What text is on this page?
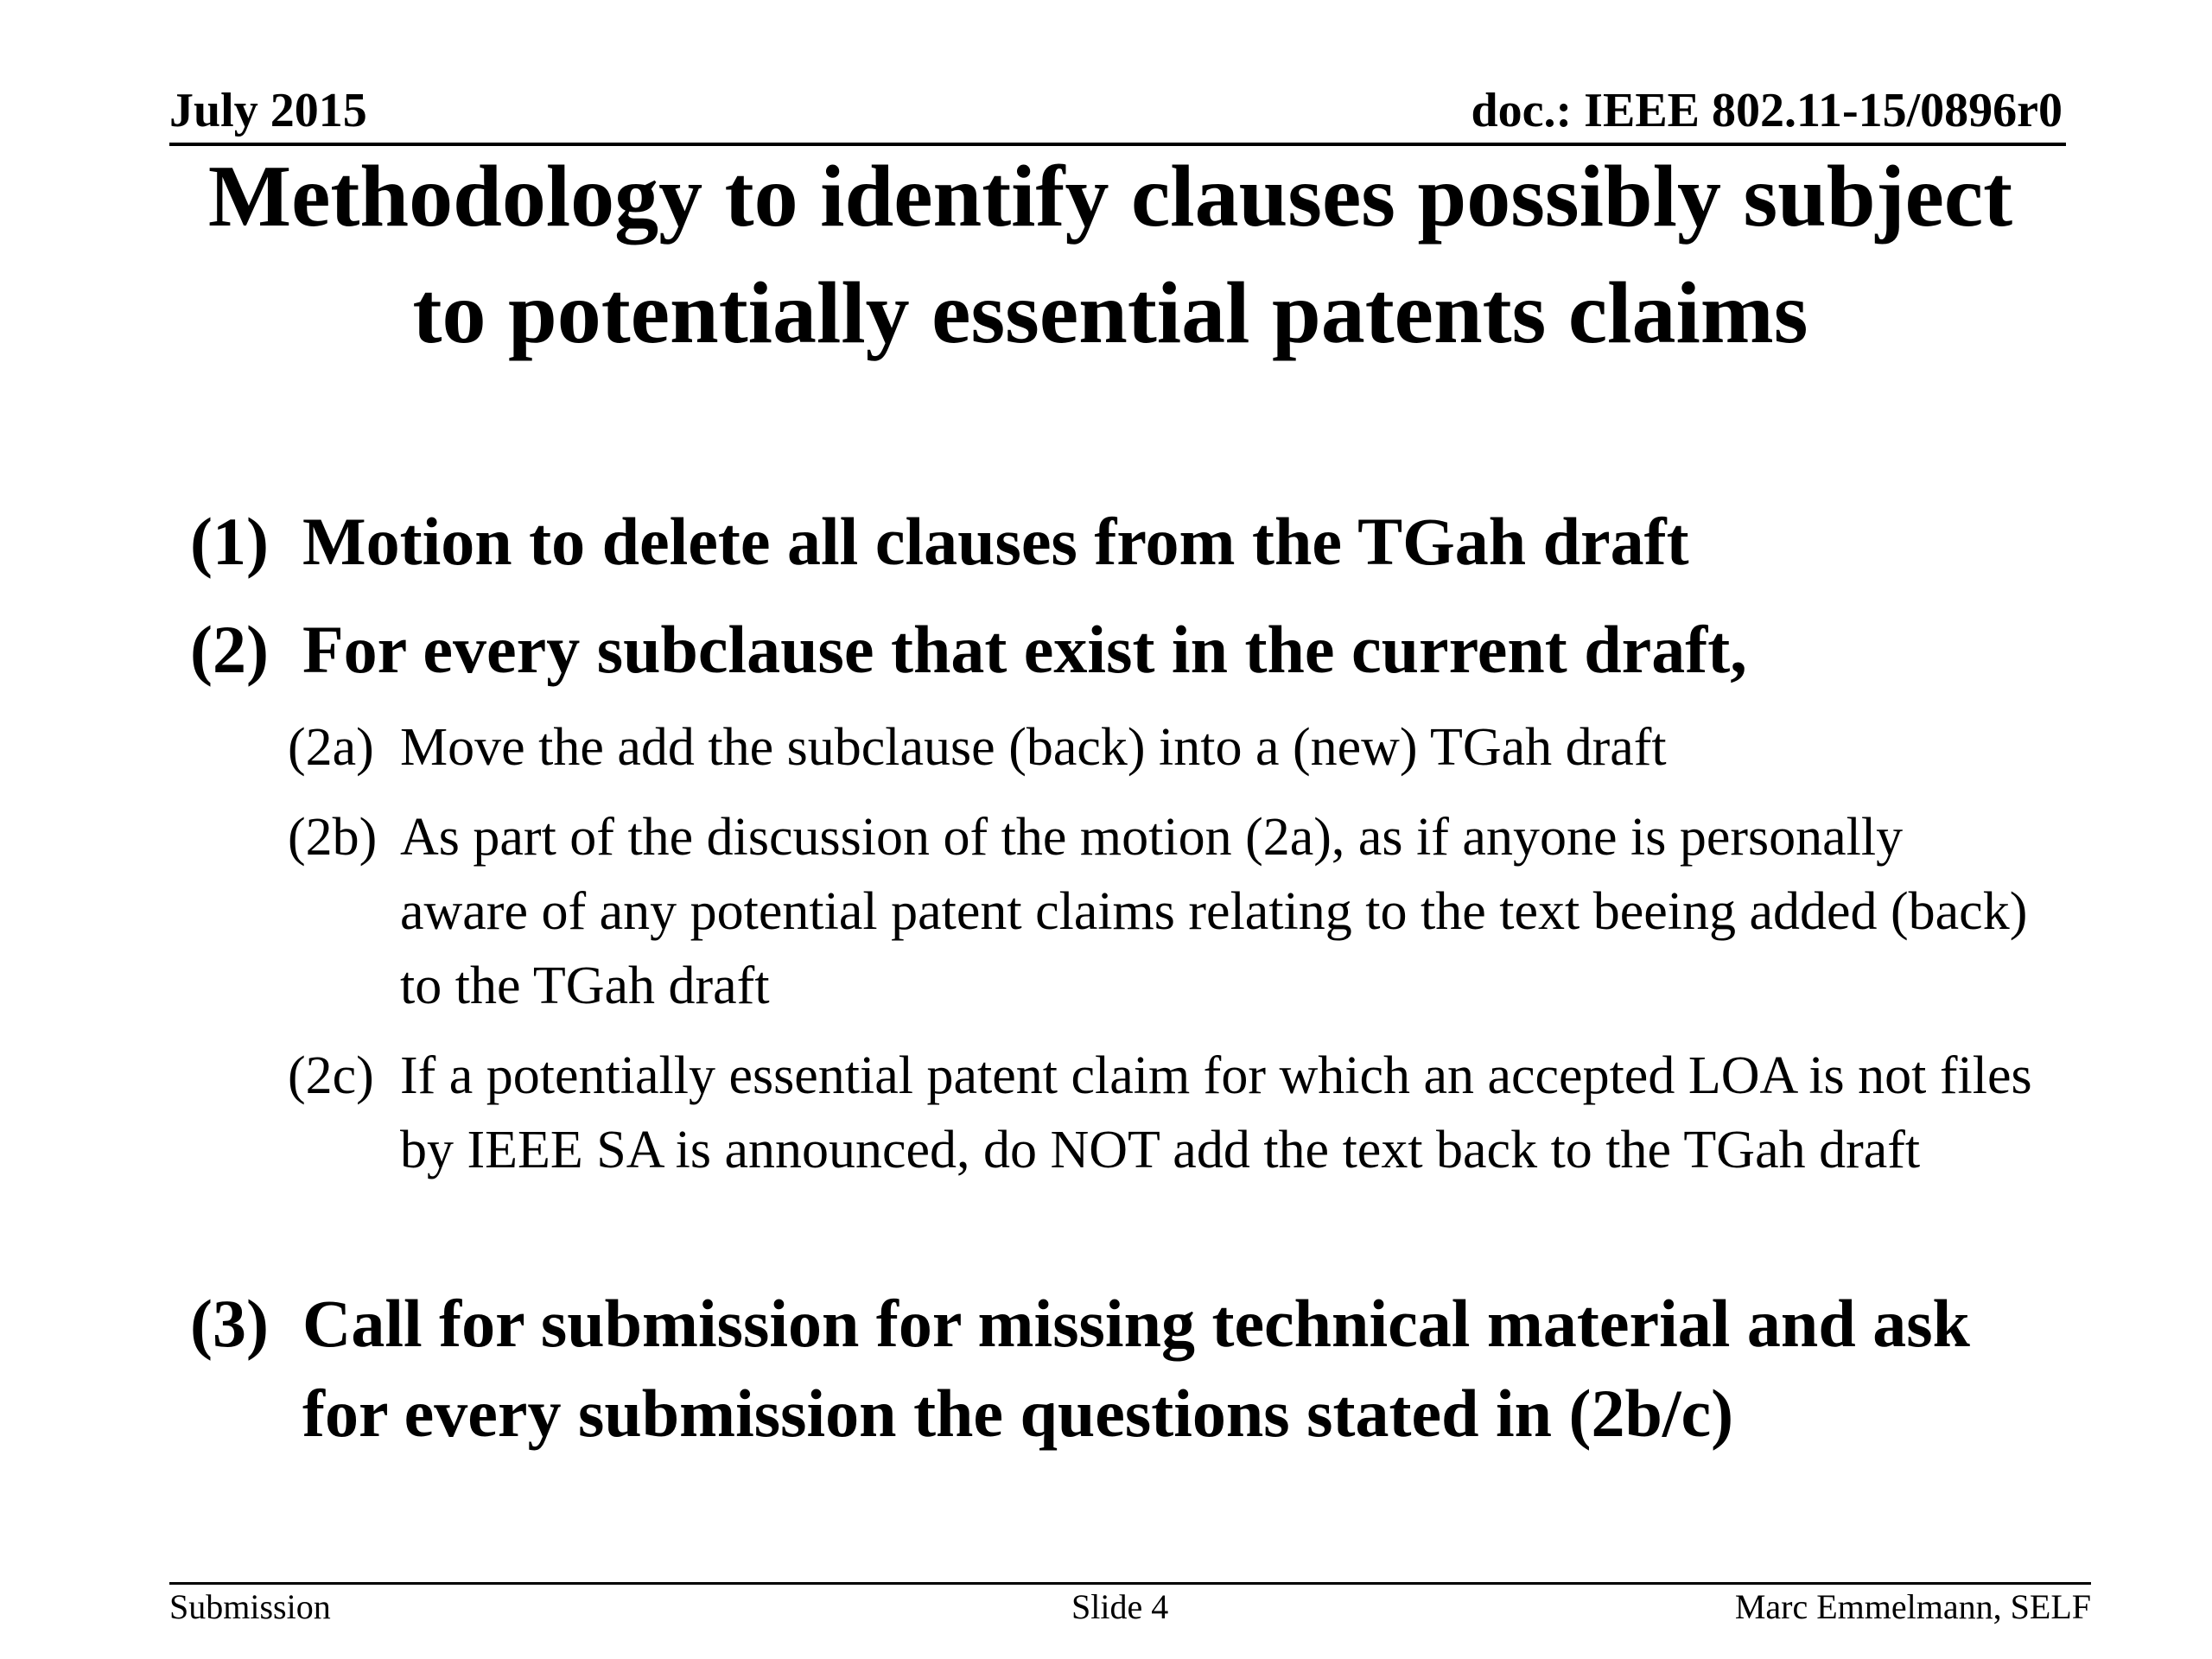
July 2015	doc.: IEEE 802.11-15/0896r0
Methodology to identify clauses possibly subject to potentially essential patents claims
(1) Motion to delete all clauses from the TGah draft
(2) For every subclause that exist in the current draft,
(2a) Move the add the subclause (back) into a (new) TGah draft
(2b) As part of the discussion of the motion (2a), as if anyone is personally aware of any potential patent claims relating to the text beeing added (back) to the TGah draft
(2c) If a potentially essential patent claim for which an accepted LOA is not files by IEEE SA is announced, do NOT add the text back to the TGah draft
(3) Call for submission for missing technical material and ask for every submission the questions stated in (2b/c)
Submission	Slide 4	Marc Emmelmann, SELF
